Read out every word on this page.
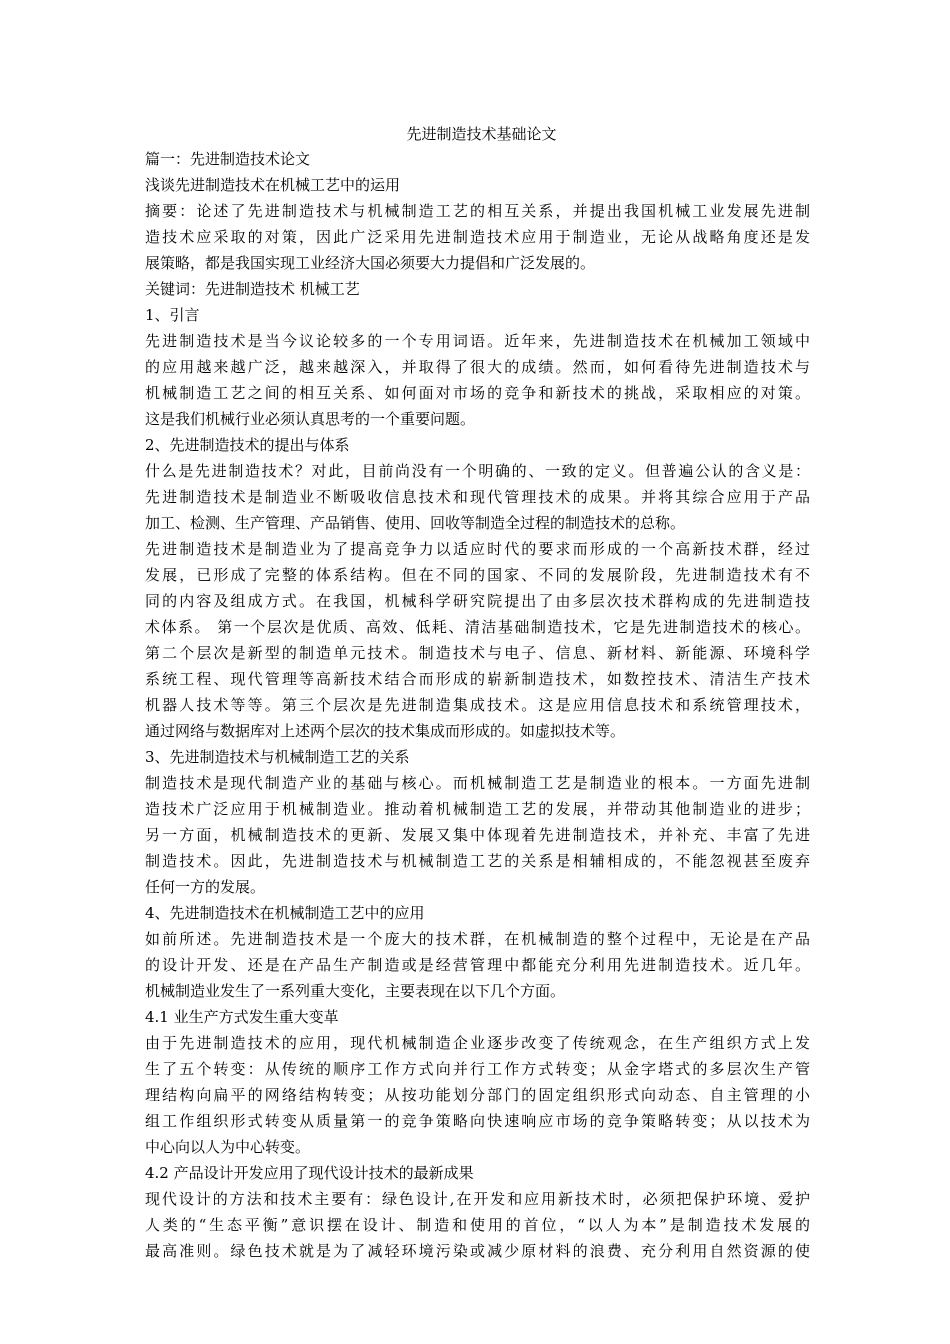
先进制造技术基础论文
篇一：先进制造技术论文
浅谈先进制造技术在机械工艺中的运用
摘要：论述了先进制造技术与机械制造工艺的相互关系，并提出我国机械工业发展先进制
造技术应采取的对策，因此广泛采用先进制造技术应用于制造业，无论从战略角度还是发
展策略，都是我国实现工业经济大国必须要大力提倡和广泛发展的。
关键词：先进制造技术 机械工艺
1、引言
先进制造技术是当今议论较多的一个专用词语。近年来，先进制造技术在机械加工领域中
的应用越来越广泛，越来越深入，并取得了很大的成绩。然而，如何看待先进制造技术与
机械制造工艺之间的相互关系、如何面对市场的竞争和新技术的挑战，采取相应的对策。
这是我们机械行业必须认真思考的一个重要问题。
2、先进制造技术的提出与体系
什么是先进制造技术？对此，目前尚没有一个明确的、一致的定义。但普遍公认的含义是：
先进制造技术是制造业不断吸收信息技术和现代管理技术的成果。并将其综合应用于产品
加工、检测、生产管理、产品销售、使用、回收等制造全过程的制造技术的总称。
先进制造技术是制造业为了提高竞争力以适应时代的要求而形成的一个高新技术群，经过
发展，已形成了完整的体系结构。但在不同的国家、不同的发展阶段，先进制造技术有不
同的内容及组成方式。在我国，机械科学研究院提出了由多层次技术群构成的先进制造技
术体系。 第一个层次是优质、高效、低耗、清洁基础制造技术，它是先进制造技术的核心。
第二个层次是新型的制造单元技术。制造技术与电子、信息、新材料、新能源、环境科学
系统工程、现代管理等高新技术结合而形成的崭新制造技术，如数控技术、清洁生产技术
机器人技术等等。第三个层次是先进制造集成技术。这是应用信息技术和系统管理技术，
通过网络与数据库对上述两个层次的技术集成而形成的。如虚拟技术等。
3、先进制造技术与机械制造工艺的关系
制造技术是现代制造产业的基础与核心。而机械制造工艺是制造业的根本。一方面先进制
造技术广泛应用于机械制造业。推动着机械制造工艺的发展，并带动其他制造业的进步；
另一方面，机械制造技术的更新、发展又集中体现着先进制造技术，并补充、丰富了先进
制造技术。因此，先进制造技术与机械制造工艺的关系是相辅相成的，不能忽视甚至废弃
任何一方的发展。
4、先进制造技术在机械制造工艺中的应用
如前所述。先进制造技术是一个庞大的技术群，在机械制造的整个过程中，无论是在产品
的设计开发、还是在产品生产制造或是经营管理中都能充分利用先进制造技术。近几年。
机械制造业发生了一系列重大变化，主要表现在以下几个方面。
4.1 业生产方式发生重大变革
由于先进制造技术的应用，现代机械制造企业逐步改变了传统观念，在生产组织方式上发
生了五个转变：从传统的顺序工作方式向并行工作方式转变；从金字塔式的多层次生产管
理结构向扁平的网络结构转变；从按功能划分部门的固定组织形式向动态、自主管理的小
组工作组织形式转变从质量第一的竞争策略向快速响应市场的竞争策略转变；从以技术为
中心向以人为中心转变。
4.2 产品设计开发应用了现代设计技术的最新成果
现代设计的方法和技术主要有：绿色设计,在开发和应用新技术时，必须把保护环境、爱护
人类的“生态平衡”意识摆在设计、制造和使用的首位，“以人为本”是制造技术发展的
最高准则。绿色技术就是为了减轻环境污染或减少原材料的浪费、充分利用自然资源的使
